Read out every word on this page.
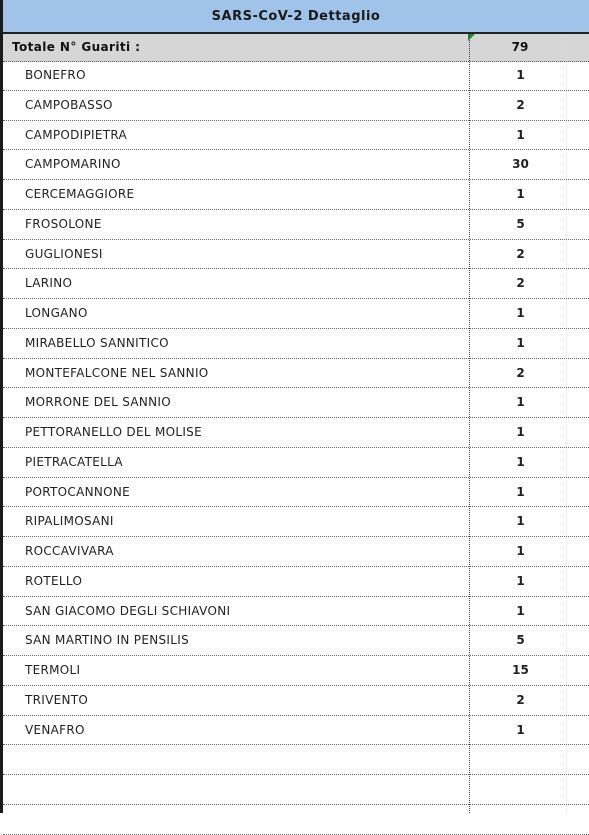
SARS-CoV-2 Dettaglio
Totale N° Guariti :	79
BONEFRO	1
CAMPOBASSO	2
CAMPODIPIETRA	1
CAMPOMARINO	30
CERCEMAGGIORE	1
FROSOLONE	5
GUGLIONESI	2
LARINO	2
LONGANO	1
MIRABELLO SANNITICO	1
MONTEFALCONE NEL SANNIO	2
MORRONE DEL SANNIO	1
PETTORANELLO DEL MOLISE	1
PIETRACATELLA	1
PORTOCANNONE	1
RIPALIMOSANI	1
ROCCAVIVARA	1
ROTELLO	1
SAN GIACOMO DEGLI SCHIAVONI	1
SAN MARTINO IN PENSILIS	5
TERMOLI	15
TRIVENTO	2
VENAFRO	1
